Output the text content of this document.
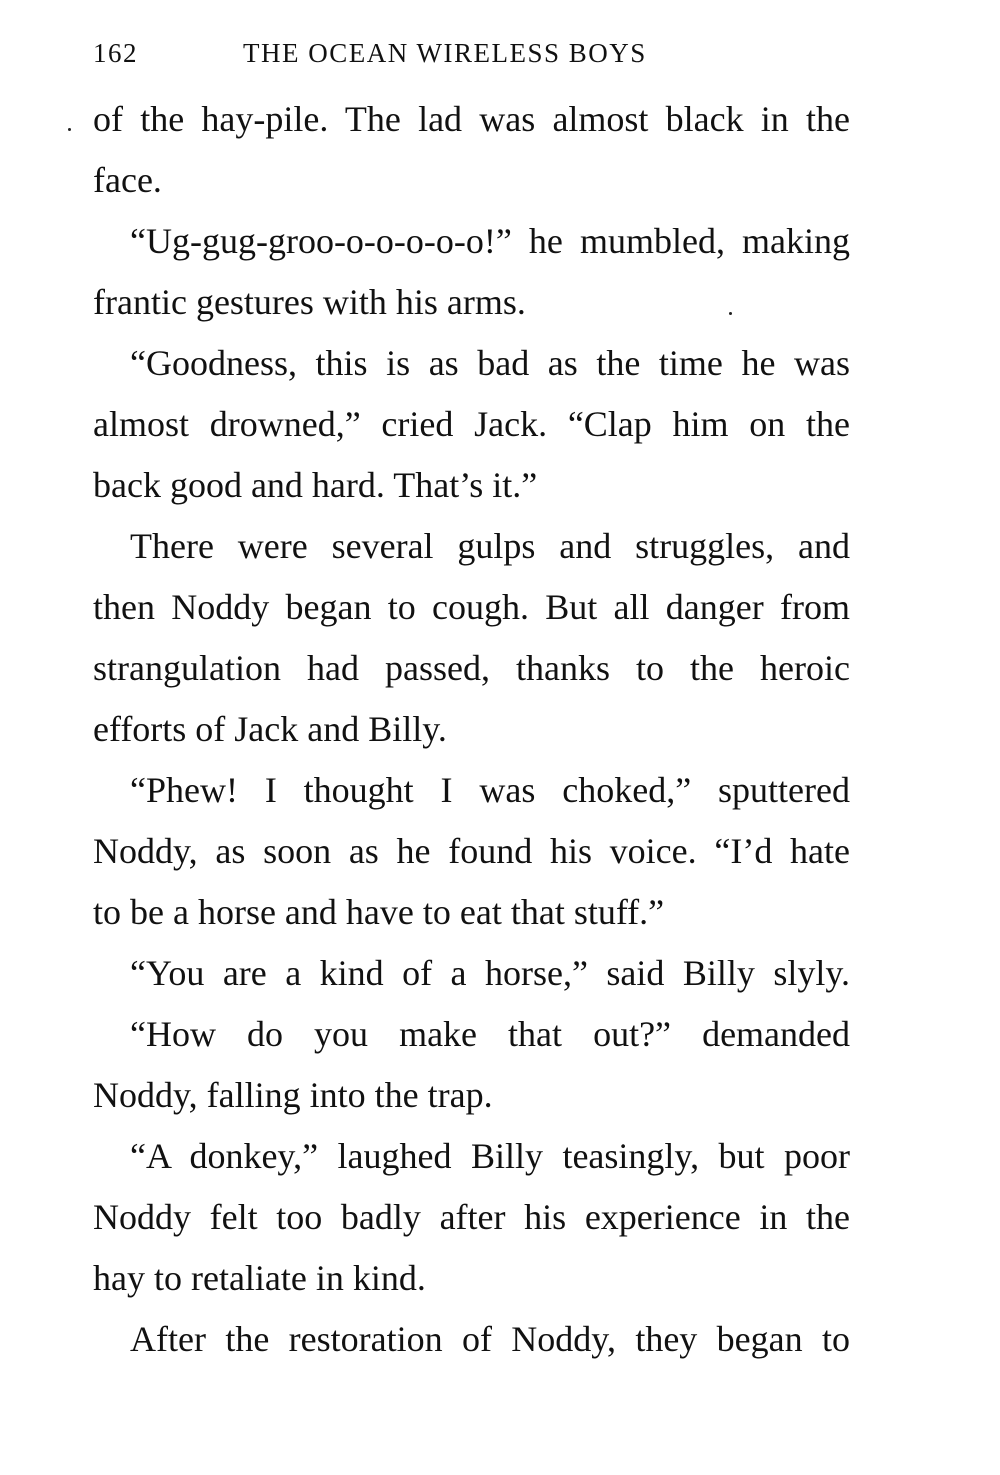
162	THE OCEAN WIRELESS BOYS
of the hay-pile. The lad was almost black in the
face.
“Ug-gug-groo-o-o-o-o-o!” he mumbled, making
frantic gestures with his arms.
“Goodness, this is as bad as the time he was
almost drowned,” cried Jack. “Clap him on the
back good and hard. That’s it.”
There were several gulps and struggles, and
then Noddy began to cough. But all danger from
strangulation had passed, thanks to the heroic
efforts of Jack and Billy.
“Phew! I thought I was choked,” sputtered
Noddy, as soon as he found his voice. “I’d hate
to be a horse and have to eat that stuff.”
“You are a kind of a horse,” said Billy slyly.
“How do you make that out?” demanded
Noddy, falling into the trap.
“A donkey,” laughed Billy teasingly, but poor
Noddy felt too badly after his experience in the
hay to retaliate in kind.
After the restoration of Noddy, they began to
